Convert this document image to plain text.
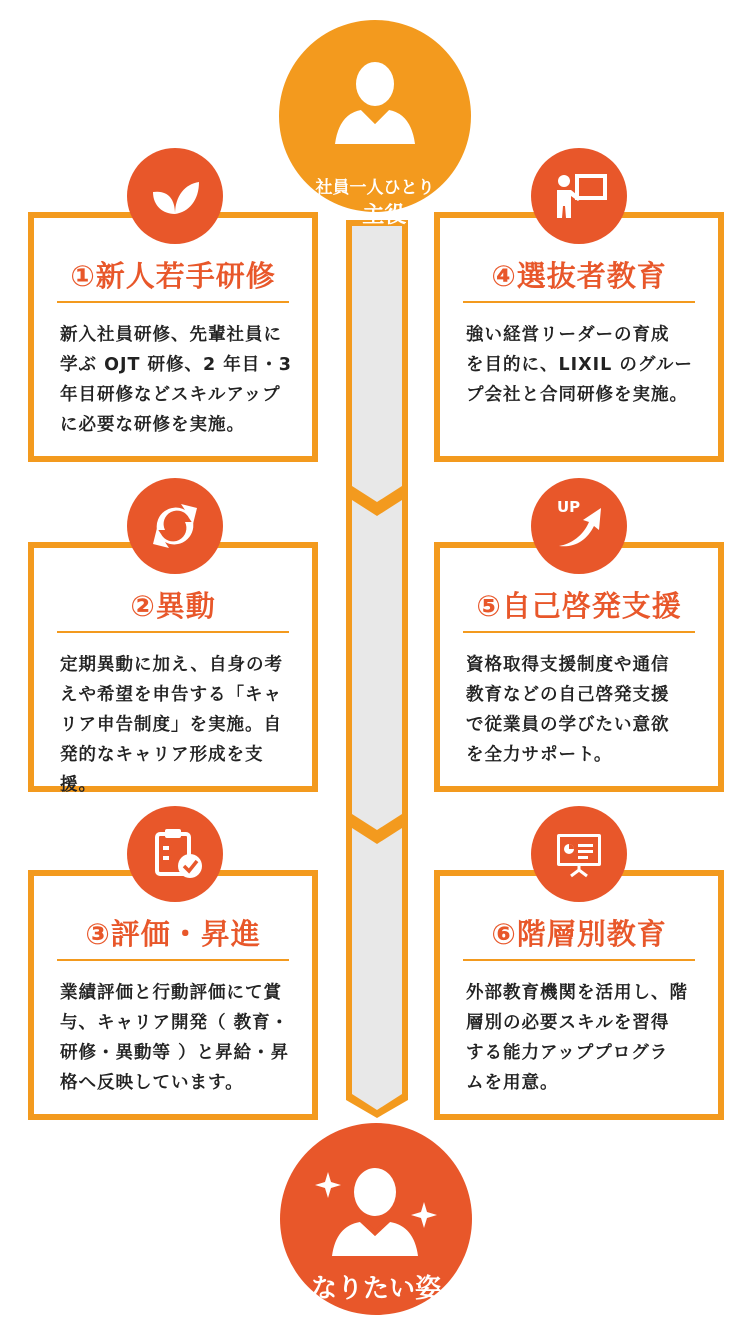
社員一人ひとり
=主役
なりたい姿
①新人若手研修
新入社員研修、先輩社員に
学ぶ OJT 研修、2 年目・3
年目研修などスキルアップ
に必要な研修を実施。
②異動
定期異動に加え、自身の考
えや希望を申告する「キャ
リア申告制度」を実施。自
発的なキャリア形成を支援。
③評価・昇進
業績評価と行動評価にて賞
与、キャリア開発（ 教育・
研修・異動等 ）と昇給・昇
格へ反映しています。
④選抜者教育
強い経営リーダーの育成
を目的に、LIXIL のグルー
プ会社と合同研修を実施。
⑤自己啓発支援
資格取得支援制度や通信
教育などの自己啓発支援
で従業員の学びたい意欲
を全力サポート。
UP
⑥階層別教育
外部教育機関を活用し、階
層別の必要スキルを習得
する能力アッププログラ
ムを用意。
